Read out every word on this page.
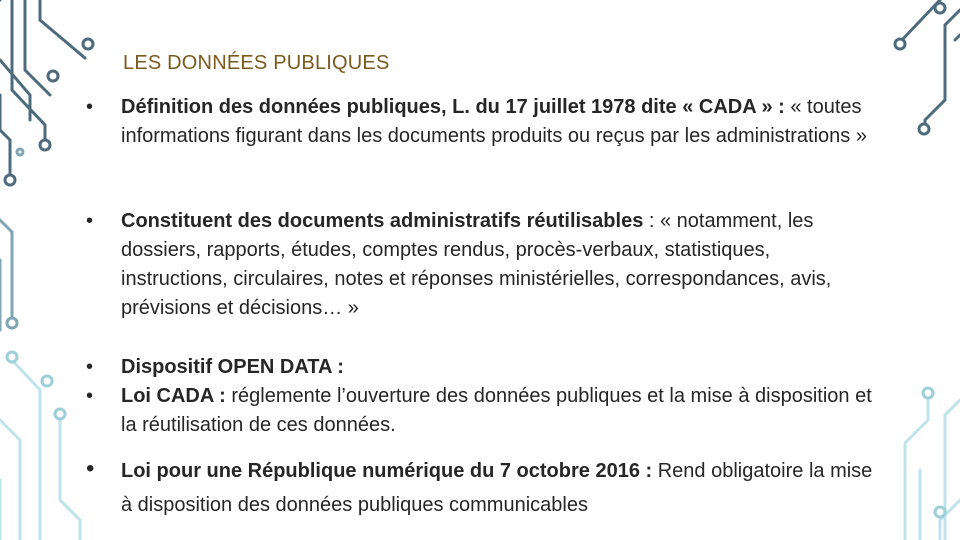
LES DONNÉES PUBLIQUES
• Définition des données publiques, L. du 17 juillet 1978 dite « CADA » : « toutes informations figurant dans les documents produits ou reçus par les administrations »
• Constituent des documents administratifs réutilisables : « notamment, les dossiers, rapports, études, comptes rendus, procès-verbaux, statistiques, instructions, circulaires, notes et réponses ministérielles, correspondances, avis, prévisions et décisions… »
•
•
Dispositif OPEN DATA :
Loi CADA : réglemente l’ouverture des données publiques et la mise à disposition et la réutilisation de ces données.
• Loi pour une République numérique du 7 octobre 2016 : Rend obligatoire la mise à disposition des données publiques communicables
